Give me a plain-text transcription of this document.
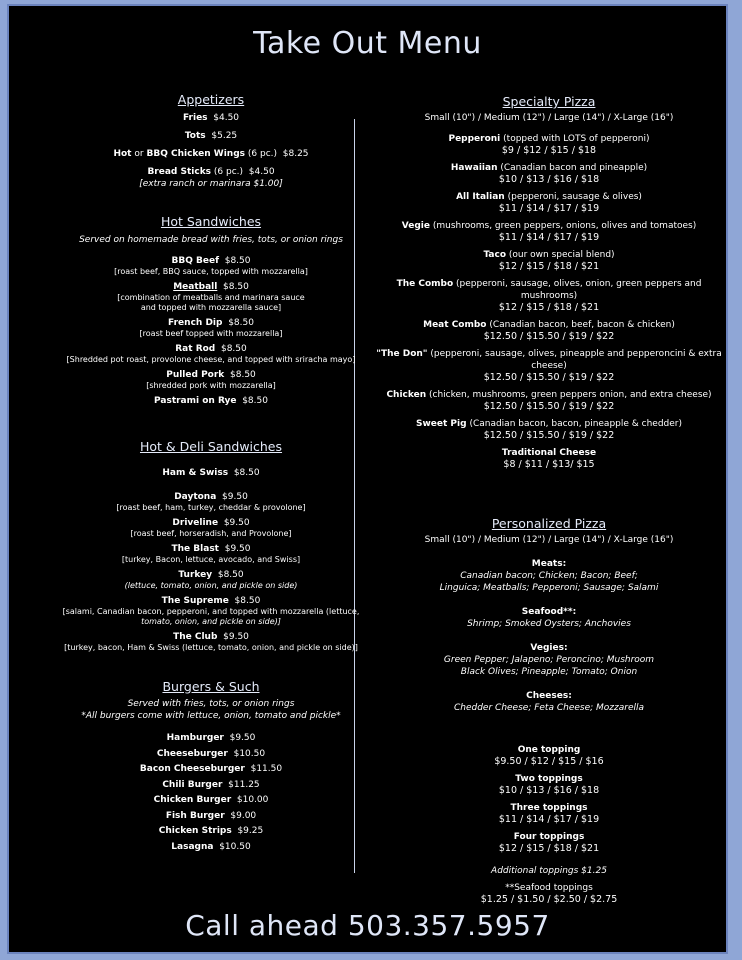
Take Out Menu
Appetizers
Fries $4.50
Tots $5.25
Hot or BBQ Chicken Wings (6 pc.) $8.25
Bread Sticks (6 pc.) $4.50
[extra ranch or marinara $1.00]
Hot Sandwiches
Served on homemade bread with fries, tots, or onion rings
BBQ Beef $8.50
[roast beef, BBQ sauce, topped with mozzarella]
Meatball $8.50
[combination of meatballs and marinara sauce
and topped with mozzarella sauce]
French Dip $8.50
[roast beef topped with mozzarella]
Rat Rod $8.50
[Shredded pot roast, provolone cheese, and topped with sriracha mayo]
Pulled Pork $8.50
[shredded pork with mozzarella]
Pastrami on Rye $8.50
Hot & Deli Sandwiches
Ham & Swiss $8.50
Daytona $9.50
[roast beef, ham, turkey, cheddar & provolone]
Driveline $9.50
[roast beef, horseradish, and Provolone]
The Blast $9.50
[turkey, Bacon, lettuce, avocado, and Swiss]
Turkey $8.50
(lettuce, tomato, onion, and pickle on side)
The Supreme $8.50
[salami, Canadian bacon, pepperoni, and topped with mozzarella (lettuce,
tomato, onion, and pickle on side)]
The Club $9.50
[turkey, bacon, Ham & Swiss (lettuce, tomato, onion, and pickle on side)]
Burgers & Such
Served with fries, tots, or onion rings
*All burgers come with lettuce, onion, tomato and pickle*
Hamburger $9.50
Cheeseburger $10.50
Bacon Cheeseburger $11.50
Chili Burger $11.25
Chicken Burger $10.00
Fish Burger $9.00
Chicken Strips $9.25
Lasagna $10.50
Specialty Pizza
Small (10") / Medium (12") / Large (14") / X-Large (16")
Pepperoni (topped with LOTS of pepperoni)
$9 / $12 / $15 / $18
Hawaiian (Canadian bacon and pineapple)
$10 / $13 / $16 / $18
All Italian (pepperoni, sausage & olives)
$11 / $14 / $17 / $19
Vegie (mushrooms, green peppers, onions, olives and tomatoes)
$11 / $14 / $17 / $19
Taco (our own special blend)
$12 / $15 / $18 / $21
The Combo (pepperoni, sausage, olives, onion, green peppers and mushrooms)
$12 / $15 / $18 / $21
Meat Combo (Canadian bacon, beef, bacon & chicken)
$12.50 / $15.50 / $19 / $22
"The Don" (pepperoni, sausage, olives, pineapple and pepperoncini & extra cheese)
$12.50 / $15.50 / $19 / $22
Chicken (chicken, mushrooms, green peppers onion, and extra cheese)
$12.50 / $15.50 / $19 / $22
Sweet Pig (Canadian bacon, bacon, pineapple & chedder)
$12.50 / $15.50 / $19 / $22
Traditional Cheese
$8 / $11 / $13/ $15
Personalized Pizza
Small (10") / Medium (12") / Large (14") / X-Large (16")
Meats:
Canadian bacon; Chicken; Bacon; Beef;
Linguica; Meatballs; Pepperoni; Sausage; Salami
Seafood**:
Shrimp; Smoked Oysters; Anchovies
Vegies:
Green Pepper; Jalapeno; Peroncino; Mushroom
Black Olives; Pineapple; Tomato; Onion
Cheeses:
Chedder Cheese; Feta Cheese; Mozzarella
One topping
$9.50 / $12 / $15 / $16
Two toppings
$10 / $13 / $16 / $18
Three toppings
$11 / $14 / $17 / $19
Four toppings
$12 / $15 / $18 / $21
Additional toppings $1.25
**Seafood toppings
$1.25 / $1.50 / $2.50 / $2.75
Call ahead 503.357.5957
